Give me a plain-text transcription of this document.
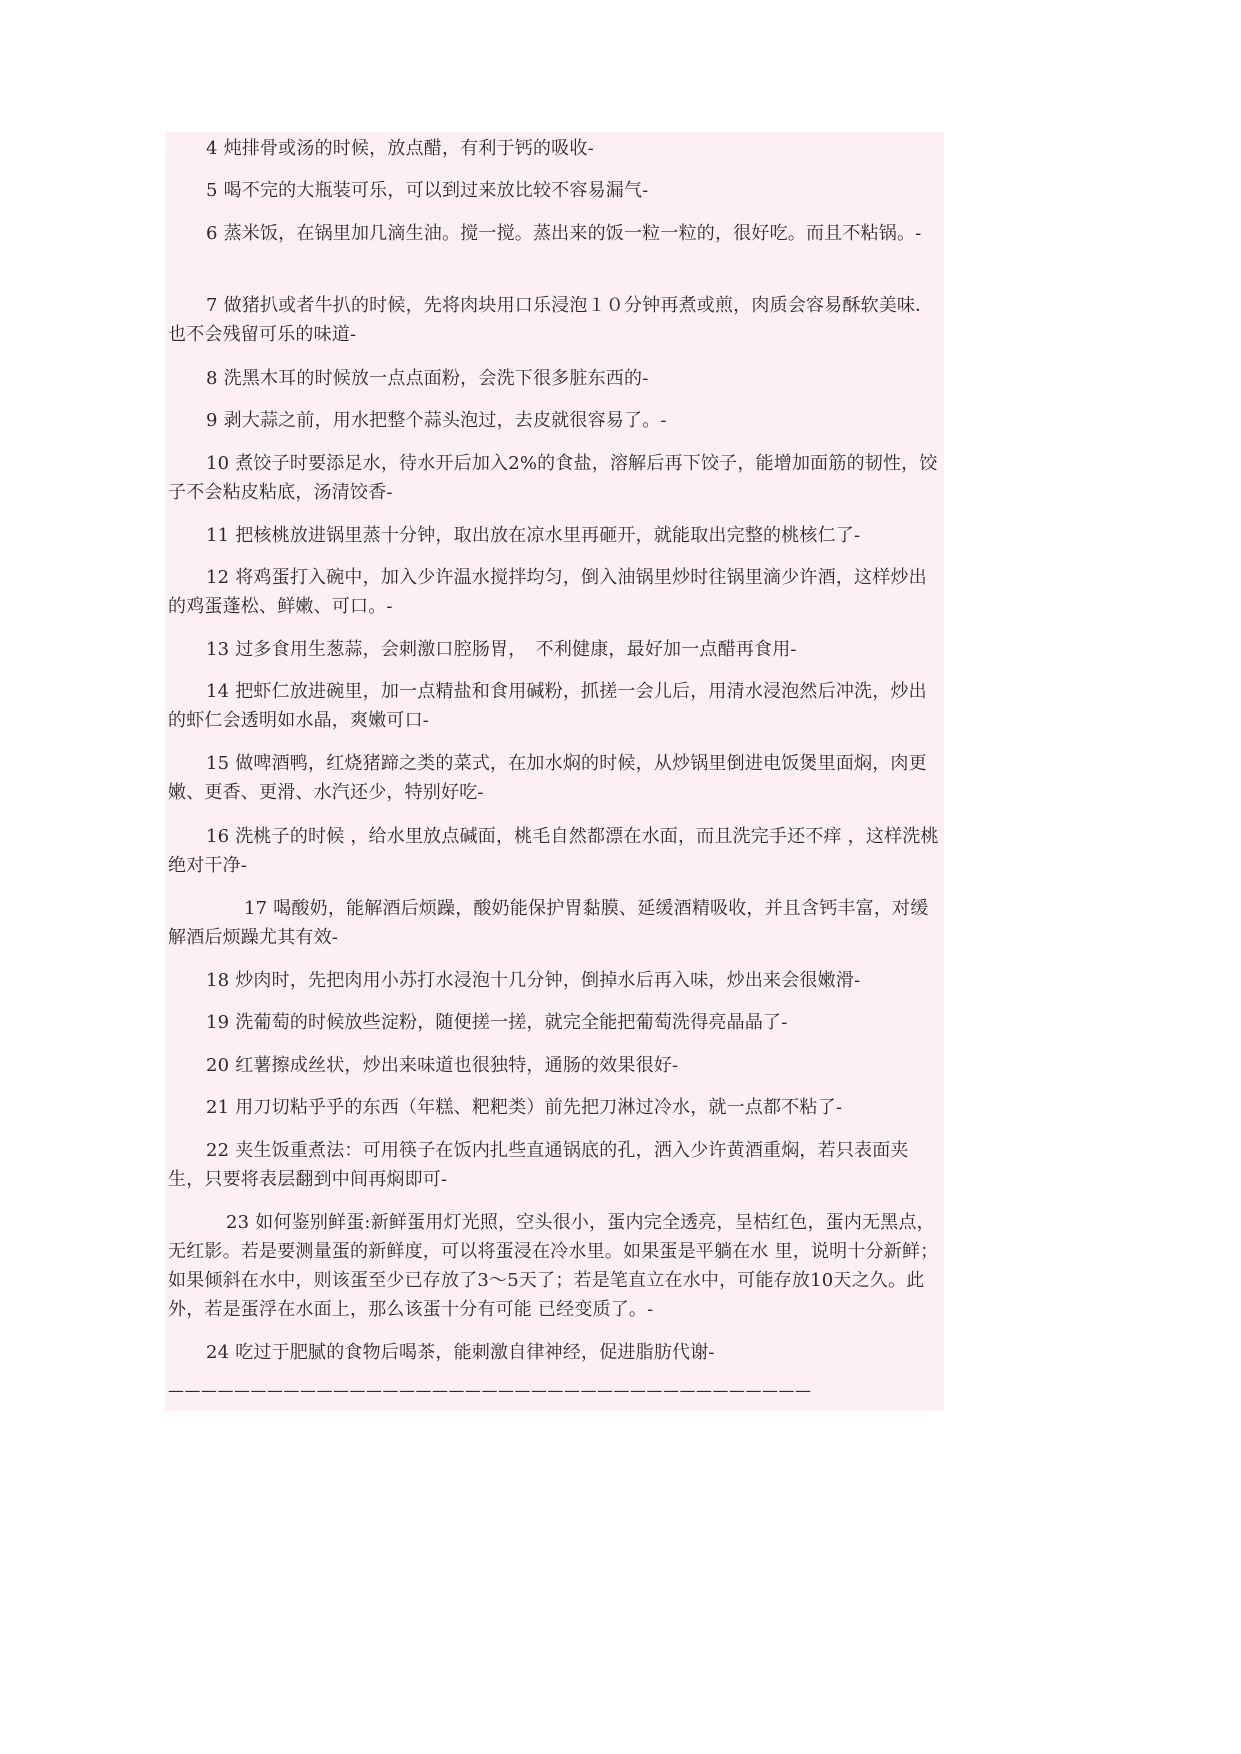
4 炖排骨或汤的时候，放点醋，有利于钙的吸收-

5 喝不完的大瓶装可乐，可以到过来放比较不容易漏气-

6 蒸米饭，在锅里加几滴生油。搅一搅。蒸出来的饭一粒一粒的，很好吃。而且不粘锅。-

7 做猪扒或者牛扒的时候，先将肉块用口乐浸泡１０分钟再煮或煎，肉质会容易酥软美味．也不会残留可乐的味道-

8 洗黑木耳的时候放一点点面粉，会洗下很多脏东西的-

9 剥大蒜之前，用水把整个蒜头泡过，去皮就很容易了。-

10 煮饺子时要添足水，待水开后加入2%的食盐，溶解后再下饺子，能增加面筋的韧性，饺子不会粘皮粘底，汤清饺香-

11 把核桃放进锅里蒸十分钟，取出放在凉水里再砸开，就能取出完整的桃核仁了-

12 将鸡蛋打入碗中，加入少许温水搅拌均匀，倒入油锅里炒时往锅里滴少许酒，这样炒出的鸡蛋蓬松、鲜嫩、可口。-

13 过多食用生葱蒜，会刺激口腔肠胃，　不利健康，最好加一点醋再食用-

14 把虾仁放进碗里，加一点精盐和食用碱粉，抓搓一会儿后，用清水浸泡然后冲洗，炒出的虾仁会透明如水晶，爽嫩可口-

15 做啤酒鸭，红烧猪蹄之类的菜式，在加水焖的时候，从炒锅里倒进电饭煲里面焖，肉更嫩、更香、更滑、水汽还少，特别好吃-

16 洗桃子的时候 ，给水里放点碱面，桃毛自然都漂在水面，而且洗完手还不痒 ，这样洗桃绝对干净-

17 喝酸奶，能解酒后烦躁，酸奶能保护胃黏膜、延缓酒精吸收，并且含钙丰富，对缓解酒后烦躁尤其有效-

18 炒肉时，先把肉用小苏打水浸泡十几分钟，倒掉水后再入味，炒出来会很嫩滑-

19 洗葡萄的时候放些淀粉，随便搓一搓，就完全能把葡萄洗得亮晶晶了-

20 红薯擦成丝状，炒出来味道也很独特，通肠的效果很好-

21 用刀切粘乎乎的东西（年糕、粑粑类）前先把刀淋过冷水，就一点都不粘了-

22 夹生饭重煮法：可用筷子在饭内扎些直通锅底的孔，洒入少许黄酒重焖，若只表面夹生，只要将表层翻到中间再焖即可-

23 如何鉴别鲜蛋:新鲜蛋用灯光照，空头很小，蛋内完全透亮，呈桔红色，蛋内无黑点，无红影。若是要测量蛋的新鲜度，可以将蛋浸在冷水里。如果蛋是平躺在水 里，说明十分新鲜；如果倾斜在水中，则该蛋至少已存放了3～5天了；若是笔直立在水中，可能存放10天之久。此外，若是蛋浮在水面上，那么该蛋十分有可能 已经变质了。-

24 吃过于肥腻的食物后喝茶，能刺激自律神经，促进脂肪代谢-

———————————————————————————————————————
